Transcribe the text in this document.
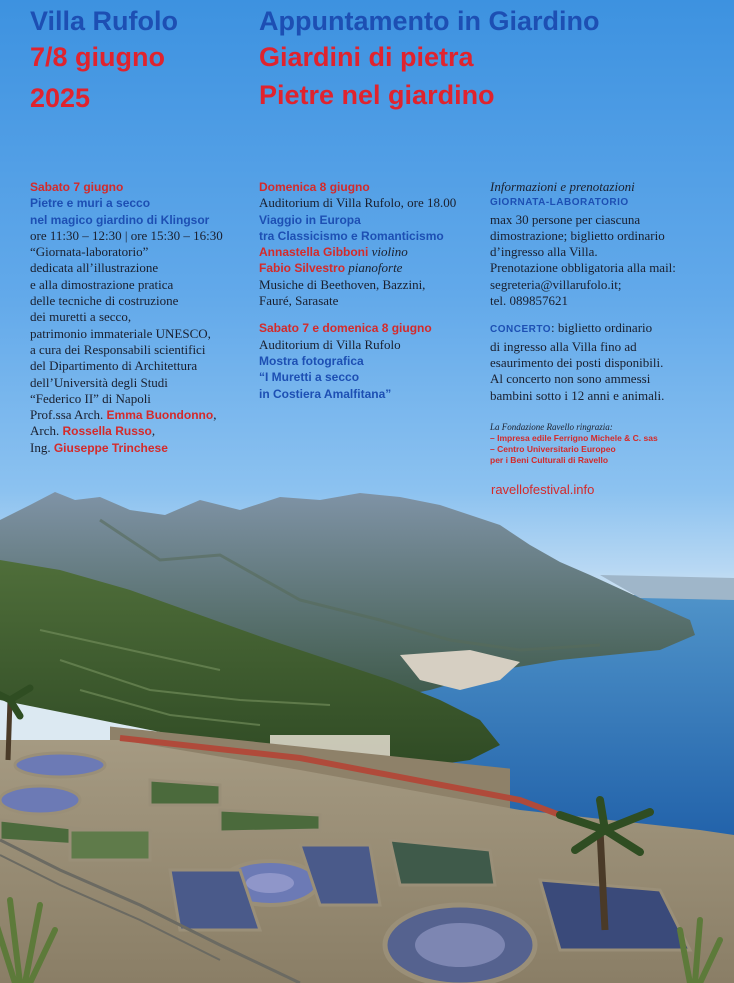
Villa Rufolo
7/8 giugno
2025
Appuntamento in Giardino
Giardini di pietra
Pietre nel giardino
Sabato 7 giugno
Pietre e muri a secco
nel magico giardino di Klingsor
ore 11:30 – 12:30 | ore 15:30 – 16:30
“Giornata-laboratorio”
dedicata all’illustrazione
e alla dimostrazione pratica
delle tecniche di costruzione
dei muretti a secco,
patrimonio immateriale UNESCO,
a cura dei Responsabili scientifici
del Dipartimento di Architettura
dell’Università degli Studi
“Federico II” di Napoli
Prof.ssa Arch. Emma Buondonno,
Arch. Rossella Russo,
Ing. Giuseppe Trinchese
Domenica 8 giugno
Auditorium di Villa Rufolo, ore 18.00
Viaggio in Europa
tra Classicismo e Romanticismo
Annastella Gibboni violino
Fabio Silvestro pianoforte
Musiche di Beethoven, Bazzini,
Fauré, Sarasate
Sabato 7 e domenica 8 giugno
Auditorium di Villa Rufolo
Mostra fotografica
“I Muretti a secco
in Costiera Amalfitana”
Informazioni e prenotazioni
GIORNATA-LABORATORIO
max 30 persone per ciascuna
dimostrazione; biglietto ordinario
d’ingresso alla Villa.
Prenotazione obbligatoria alla mail:
segreteria@villarufolo.it;
tel. 089857621
CONCERTO: biglietto ordinario
di ingresso alla Villa fino ad
esaurimento dei posti disponibili.
Al concerto non sono ammessi
bambini sotto i 12 anni e animali.
La Fondazione Ravello ringrazia:
– Impresa edile Ferrigno Michele & C. sas
– Centro Universitario Europeo
per i Beni Culturali di Ravello
ravellofestival.info
